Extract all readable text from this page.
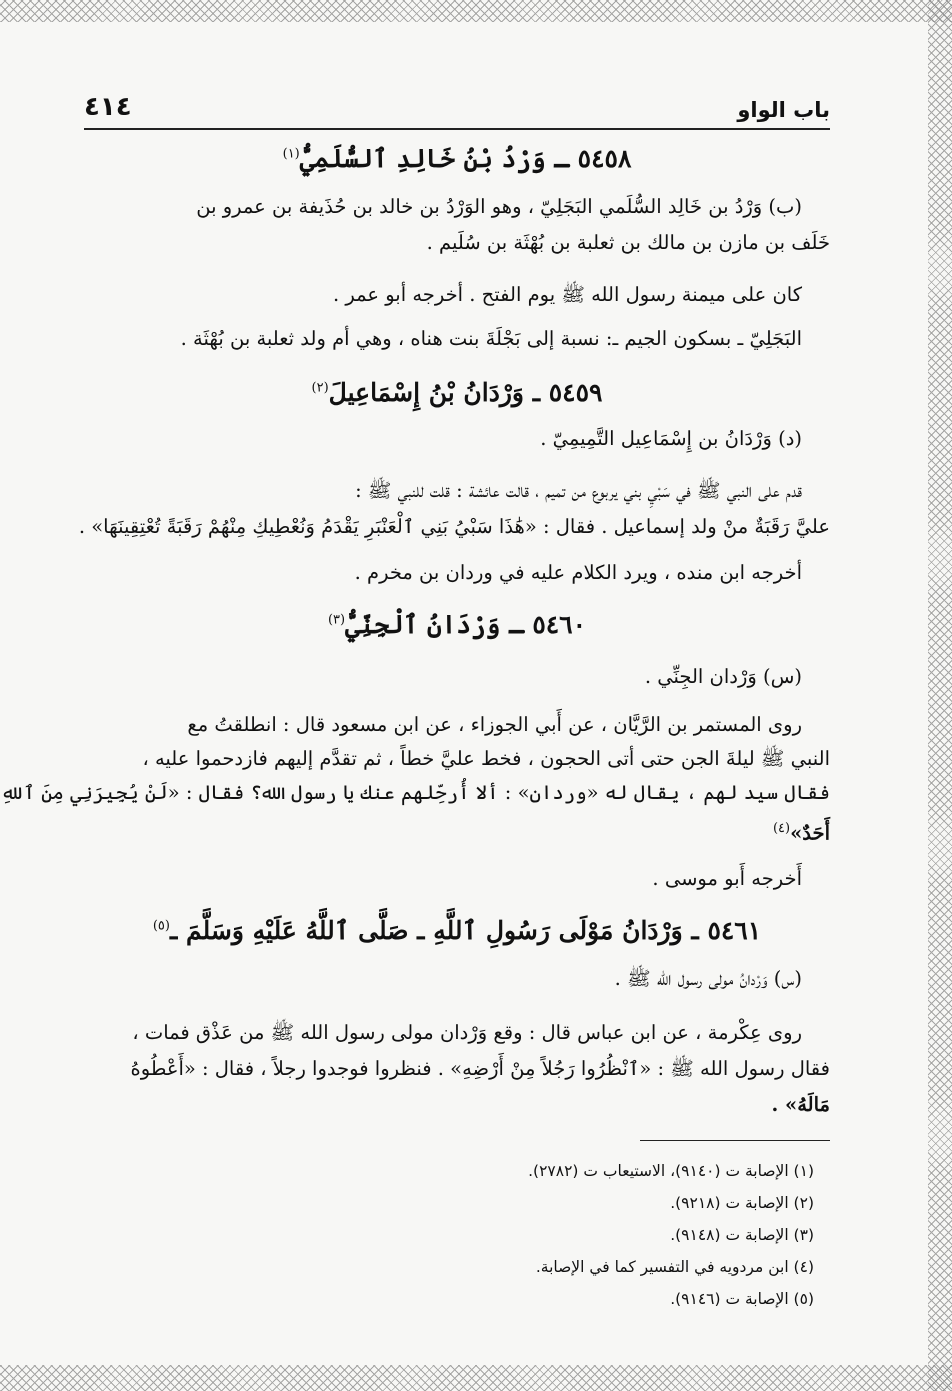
باب الواو
٤١٤
٥٤٥٨ ـ وَرْدُ بْنُ خَالِدِ ٱلسُّلَمِيُّ$^{(١)}$
(ب) وَرْدُ بن خَالِد السُّلَمي البَجَلِيّ ، وهو الوَرْدُ بن خالد بن حُذَيفة بن عمرو بن
خَلَف بن مازن بن مالك بن ثعلبة بن بُهْثَة بن سُلَيم .
كان على ميمنة رسول الله ﷺ يوم الفتح . أخرجه أبو عمر .
البَجَلِيّ ـ بسكون الجيم ـ: نسبة إلى بَجْلَةَ بنت هناه ، وهي أم ولد ثعلبة بن بُهْثَة .
٥٤٥٩ ـ وَرْدَانُ بْنُ إِسْمَاعِيلَ$^{(٢)}$
(د) وَرْدَانُ بن إِسْمَاعِيل التَّمِيمِيّ .
قدم على النبي ﷺ في سَبْيِ بني يربوع من تميم ، قالت عائشة : قلت للنبي ﷺ :
عليَّ رَقَبَةٌ منْ ولد إسماعيل . فقال : «هَٰذَا سَبْيُ بَنِي ٱلْعَنْبَرِ يَقْدَمُ وَنُعْطِيكِ مِنْهُمْ رَقَبَةً تُعْتِقِينَهَا» .
أخرجه ابن منده ، ويرد الكلام عليه في وردان بن مخرم .
٥٤٦٠ ـ وَرْدَانُ ٱلْجِنِّيُّ$^{(٣)}$
(س) وَرْدان الجِنِّي .
روى المستمر بن الرَّيَّان ، عن أَبي الجوزاء ، عن ابن مسعود قال : انطلقتُ مع
النبي ﷺ ليلةَ الجن حتى أتى الحجون ، فخط عليَّ خطاً ، ثم تقدَّم إليهم فازدحموا عليه ،
فقال سيد لهم ، يقال له «وردان» : ألا أُرحِّلهم عنك يا رسول الله؟ فقال : «لَنْ يُجِيرَنِي مِنَ ٱللهِ
أَحَدٌ»$^{(٤)}$
أَخرجه أَبو موسى .
٥٤٦١ ـ وَرْدَانُ مَوْلَى رَسُولِ ٱللَّهِ ـ صَلَّى ٱللَّهُ عَلَيْهِ وَسَلَّمَ ـ$^{(٥)}$
(س) وَرْدانُ مولى رسول الله ﷺ .
روى عِكْرمة ، عن ابن عباس قال : وقع وَرْدان مولى رسول الله ﷺ من عَذْق فمات ،
فقال رسول الله ﷺ : «ٱنْظُرُوا رَجُلاً مِنْ أَرْضِهِ» . فنظروا فوجدوا رجلاً ، فقال : «أَعْطُوهُ
مَالَهُ» .
(١) الإصابة ت (٩١٤٠)، الاستيعاب ت (٢٧٨٢).
(٢) الإصابة ت (٩٢١٨).
(٣) الإصابة ت (٩١٤٨).
(٤) ابن مردويه في التفسير كما في الإصابة.
(٥) الإصابة ت (٩١٤٦).
